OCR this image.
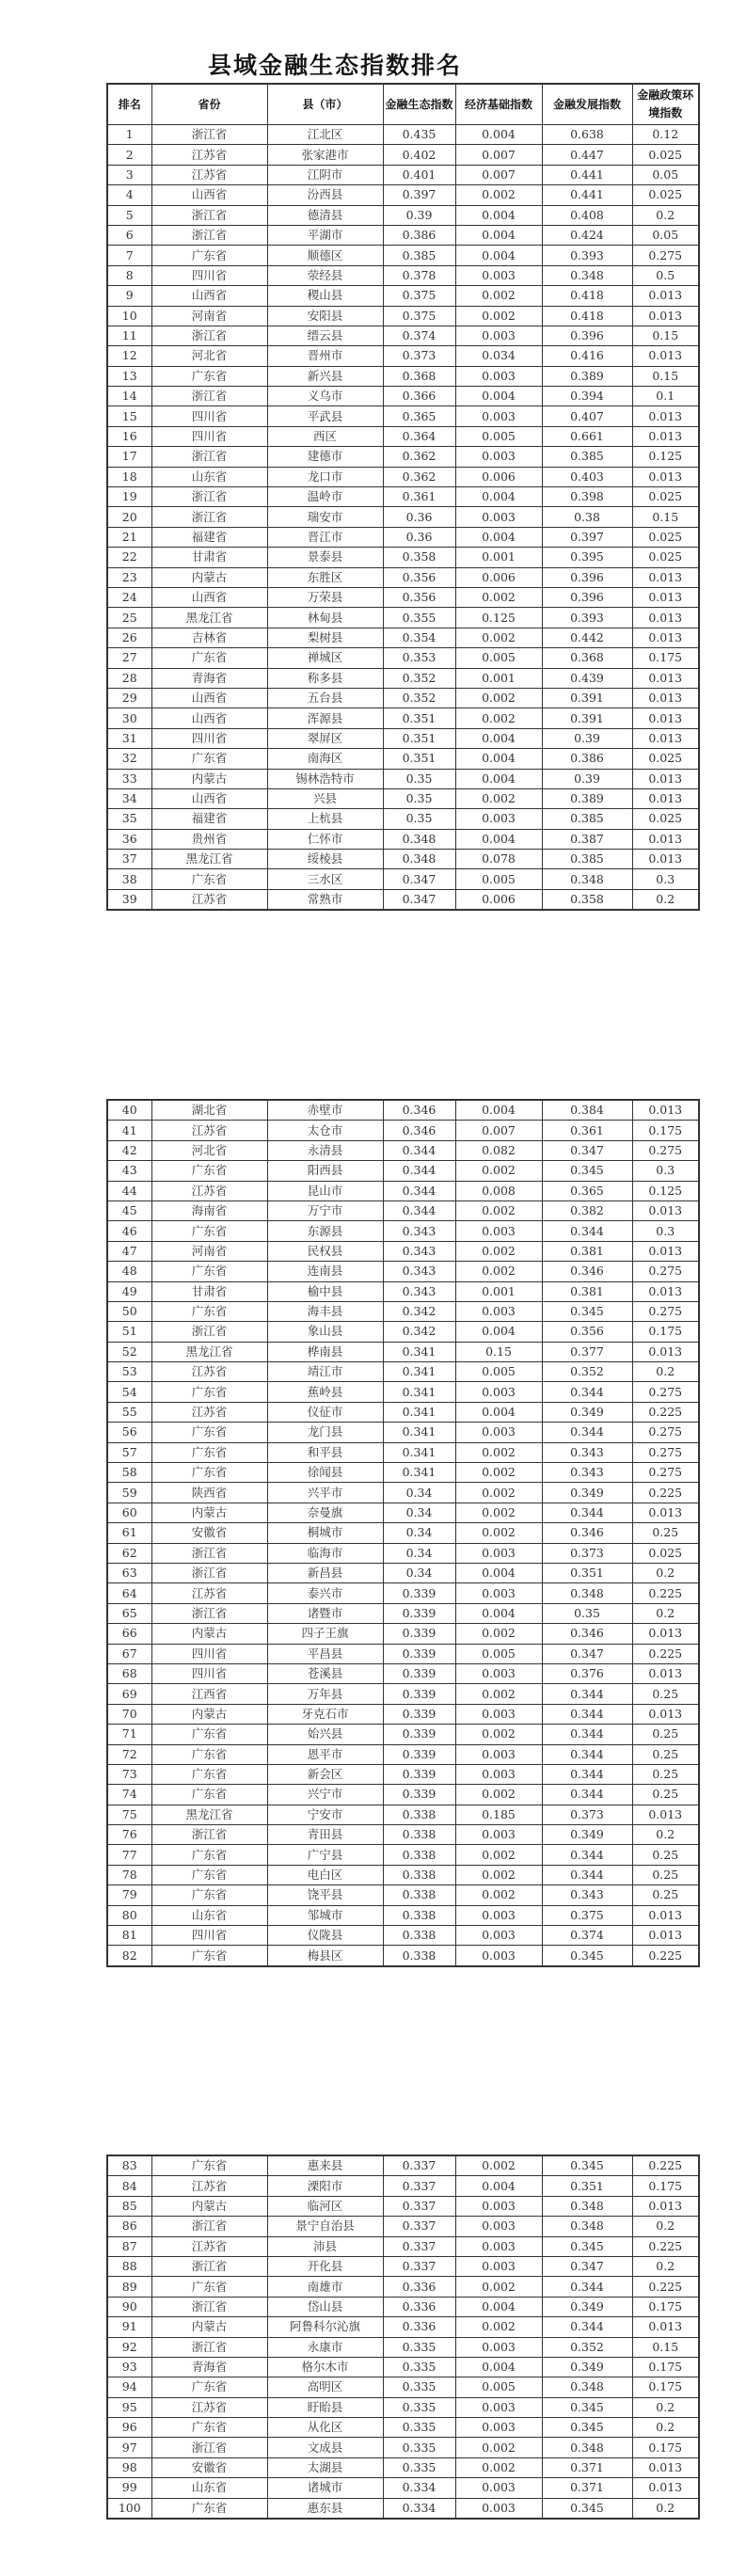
县域金融生态指数排名
排名	省份	县（市）	金融生态指数	经济基础指数	金融发展指数	金融政策环境指数
1	浙江省	江北区	0.435	0.004	0.638	0.12
2	江苏省	张家港市	0.402	0.007	0.447	0.025
3	江苏省	江阴市	0.401	0.007	0.441	0.05
4	山西省	汾西县	0.397	0.002	0.441	0.025
5	浙江省	德清县	0.39	0.004	0.408	0.2
6	浙江省	平湖市	0.386	0.004	0.424	0.05
7	广东省	顺德区	0.385	0.004	0.393	0.275
8	四川省	荥经县	0.378	0.003	0.348	0.5
9	山西省	稷山县	0.375	0.002	0.418	0.013
10	河南省	安阳县	0.375	0.002	0.418	0.013
11	浙江省	缙云县	0.374	0.003	0.396	0.15
12	河北省	晋州市	0.373	0.034	0.416	0.013
13	广东省	新兴县	0.368	0.003	0.389	0.15
14	浙江省	义乌市	0.366	0.004	0.394	0.1
15	四川省	平武县	0.365	0.003	0.407	0.013
16	四川省	西区	0.364	0.005	0.661	0.013
17	浙江省	建德市	0.362	0.003	0.385	0.125
18	山东省	龙口市	0.362	0.006	0.403	0.013
19	浙江省	温岭市	0.361	0.004	0.398	0.025
20	浙江省	瑞安市	0.36	0.003	0.38	0.15
21	福建省	晋江市	0.36	0.004	0.397	0.025
22	甘肃省	景泰县	0.358	0.001	0.395	0.025
23	内蒙古	东胜区	0.356	0.006	0.396	0.013
24	山西省	万荣县	0.356	0.002	0.396	0.013
25	黑龙江省	林甸县	0.355	0.125	0.393	0.013
26	吉林省	梨树县	0.354	0.002	0.442	0.013
27	广东省	禅城区	0.353	0.005	0.368	0.175
28	青海省	称多县	0.352	0.001	0.439	0.013
29	山西省	五台县	0.352	0.002	0.391	0.013
30	山西省	浑源县	0.351	0.002	0.391	0.013
31	四川省	翠屏区	0.351	0.004	0.39	0.013
32	广东省	南海区	0.351	0.004	0.386	0.025
33	内蒙古	锡林浩特市	0.35	0.004	0.39	0.013
34	山西省	兴县	0.35	0.002	0.389	0.013
35	福建省	上杭县	0.35	0.003	0.385	0.025
36	贵州省	仁怀市	0.348	0.004	0.387	0.013
37	黑龙江省	绥棱县	0.348	0.078	0.385	0.013
38	广东省	三水区	0.347	0.005	0.348	0.3
39	江苏省	常熟市	0.347	0.006	0.358	0.2
40	湖北省	赤壁市	0.346	0.004	0.384	0.013
41	江苏省	太仓市	0.346	0.007	0.361	0.175
42	河北省	永清县	0.344	0.082	0.347	0.275
43	广东省	阳西县	0.344	0.002	0.345	0.3
44	江苏省	昆山市	0.344	0.008	0.365	0.125
45	海南省	万宁市	0.344	0.002	0.382	0.013
46	广东省	东源县	0.343	0.003	0.344	0.3
47	河南省	民权县	0.343	0.002	0.381	0.013
48	广东省	连南县	0.343	0.002	0.346	0.275
49	甘肃省	榆中县	0.343	0.001	0.381	0.013
50	广东省	海丰县	0.342	0.003	0.345	0.275
51	浙江省	象山县	0.342	0.004	0.356	0.175
52	黑龙江省	桦南县	0.341	0.15	0.377	0.013
53	江苏省	靖江市	0.341	0.005	0.352	0.2
54	广东省	蕉岭县	0.341	0.003	0.344	0.275
55	江苏省	仪征市	0.341	0.004	0.349	0.225
56	广东省	龙门县	0.341	0.003	0.344	0.275
57	广东省	和平县	0.341	0.002	0.343	0.275
58	广东省	徐闻县	0.341	0.002	0.343	0.275
59	陕西省	兴平市	0.34	0.002	0.349	0.225
60	内蒙古	奈曼旗	0.34	0.002	0.344	0.013
61	安徽省	桐城市	0.34	0.002	0.346	0.25
62	浙江省	临海市	0.34	0.003	0.373	0.025
63	浙江省	新昌县	0.34	0.004	0.351	0.2
64	江苏省	泰兴市	0.339	0.003	0.348	0.225
65	浙江省	诸暨市	0.339	0.004	0.35	0.2
66	内蒙古	四子王旗	0.339	0.002	0.346	0.013
67	四川省	平昌县	0.339	0.005	0.347	0.225
68	四川省	苍溪县	0.339	0.003	0.376	0.013
69	江西省	万年县	0.339	0.002	0.344	0.25
70	内蒙古	牙克石市	0.339	0.003	0.344	0.013
71	广东省	始兴县	0.339	0.002	0.344	0.25
72	广东省	恩平市	0.339	0.003	0.344	0.25
73	广东省	新会区	0.339	0.003	0.344	0.25
74	广东省	兴宁市	0.339	0.002	0.344	0.25
75	黑龙江省	宁安市	0.338	0.185	0.373	0.013
76	浙江省	青田县	0.338	0.003	0.349	0.2
77	广东省	广宁县	0.338	0.002	0.344	0.25
78	广东省	电白区	0.338	0.002	0.344	0.25
79	广东省	饶平县	0.338	0.002	0.343	0.25
80	山东省	邹城市	0.338	0.003	0.375	0.013
81	四川省	仪陇县	0.338	0.003	0.374	0.013
82	广东省	梅县区	0.338	0.003	0.345	0.225
83	广东省	惠来县	0.337	0.002	0.345	0.225
84	江苏省	溧阳市	0.337	0.004	0.351	0.175
85	内蒙古	临河区	0.337	0.003	0.348	0.013
86	浙江省	景宁自治县	0.337	0.003	0.348	0.2
87	江苏省	沛县	0.337	0.003	0.345	0.225
88	浙江省	开化县	0.337	0.003	0.347	0.2
89	广东省	南雄市	0.336	0.002	0.344	0.225
90	浙江省	岱山县	0.336	0.004	0.349	0.175
91	内蒙古	阿鲁科尔沁旗	0.336	0.002	0.344	0.013
92	浙江省	永康市	0.335	0.003	0.352	0.15
93	青海省	格尔木市	0.335	0.004	0.349	0.175
94	广东省	高明区	0.335	0.005	0.348	0.175
95	江苏省	盱眙县	0.335	0.003	0.345	0.2
96	广东省	从化区	0.335	0.003	0.345	0.2
97	浙江省	文成县	0.335	0.002	0.348	0.175
98	安徽省	太湖县	0.335	0.002	0.371	0.013
99	山东省	诸城市	0.334	0.003	0.371	0.013
100	广东省	惠东县	0.334	0.003	0.345	0.2
